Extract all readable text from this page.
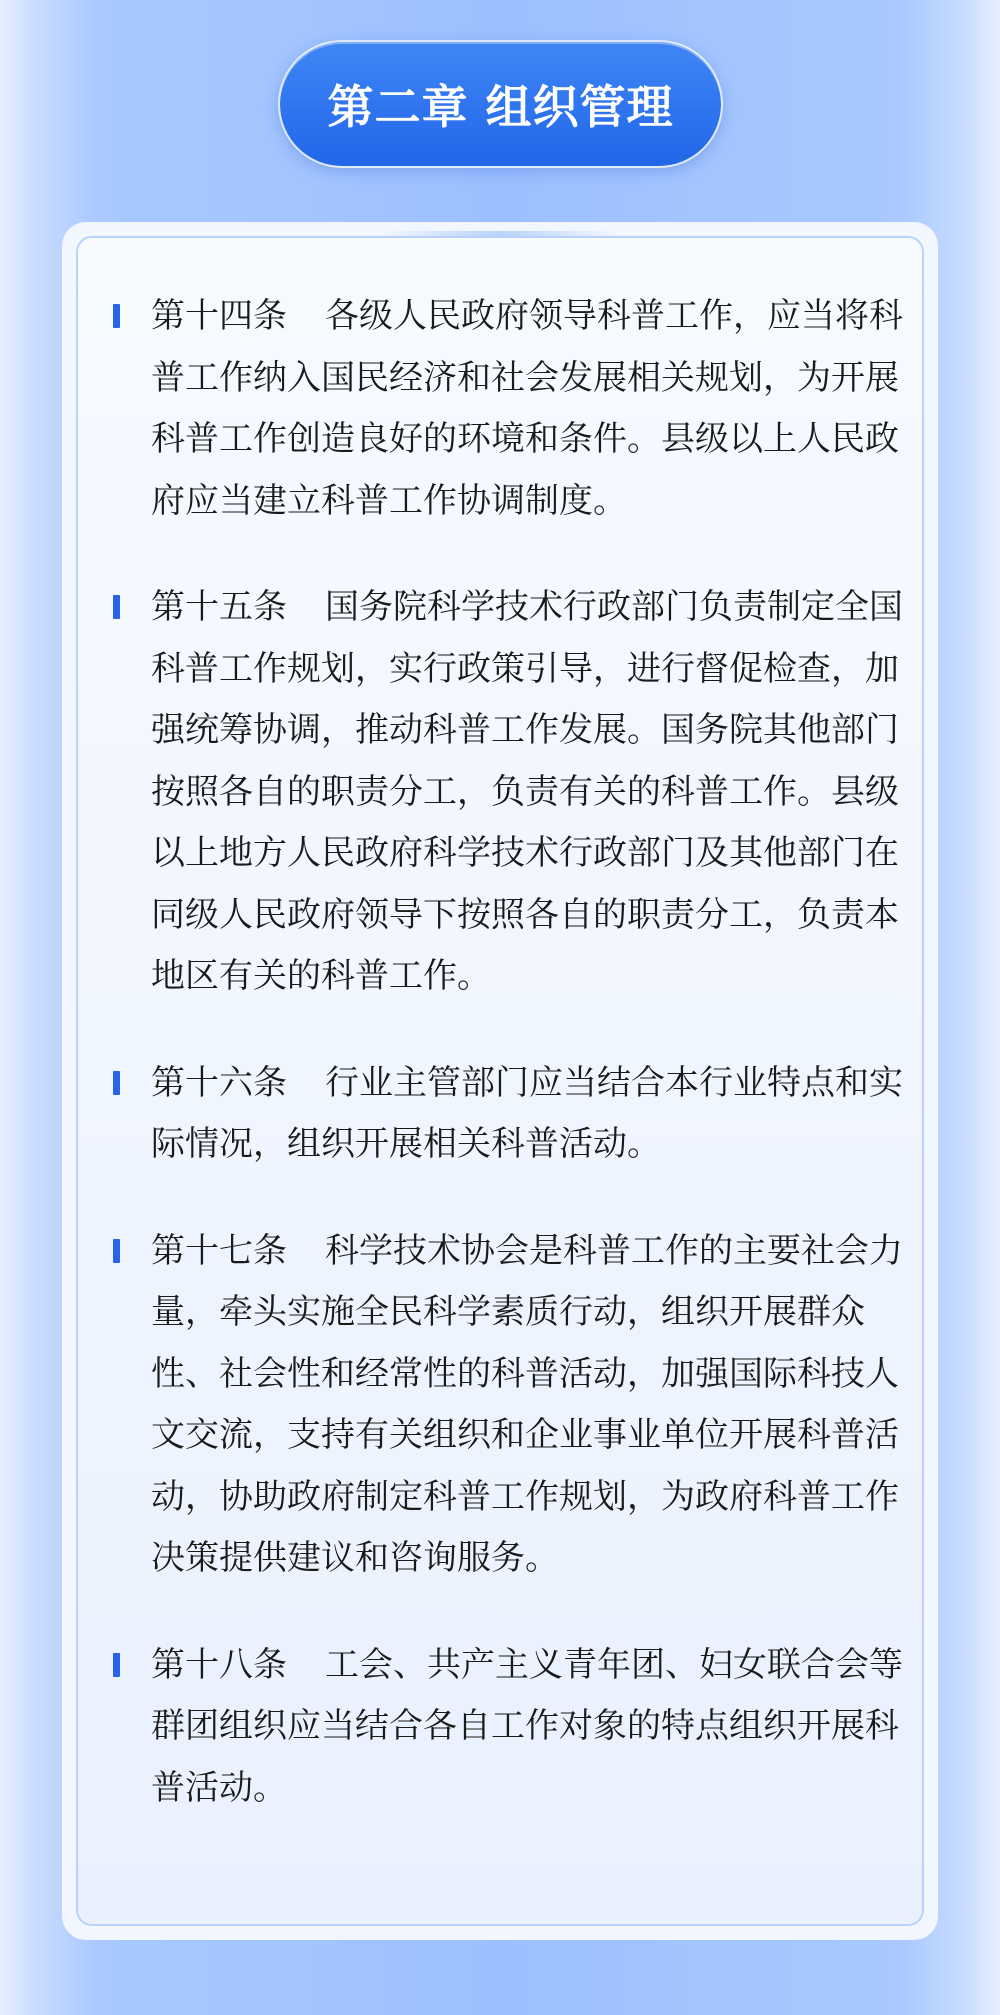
第二章 组织管理
第十四条 各级人民政府领导科普工作，应当将科普工作纳入国民经济和社会发展相关规划，为开展科普工作创造良好的环境和条件。县级以上人民政府应当建立科普工作协调制度。
第十五条 国务院科学技术行政部门负责制定全国科普工作规划，实行政策引导，进行督促检查，加强统筹协调，推动科普工作发展。国务院其他部门按照各自的职责分工，负责有关的科普工作。县级以上地方人民政府科学技术行政部门及其他部门在同级人民政府领导下按照各自的职责分工，负责本地区有关的科普工作。
第十六条 行业主管部门应当结合本行业特点和实际情况，组织开展相关科普活动。
第十七条 科学技术协会是科普工作的主要社会力量，牵头实施全民科学素质行动，组织开展群众性、社会性和经常性的科普活动，加强国际科技人文交流，支持有关组织和企业事业单位开展科普活动，协助政府制定科普工作规划，为政府科普工作决策提供建议和咨询服务。
第十八条 工会、共产主义青年团、妇女联合会等群团组织应当结合各自工作对象的特点组织开展科普活动。
